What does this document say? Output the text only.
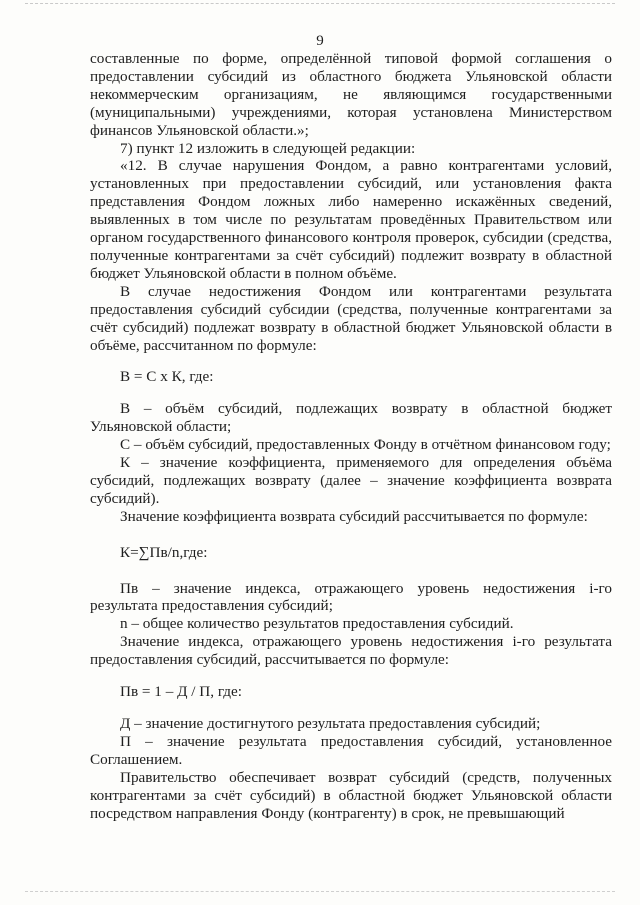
9

составленные по форме, определённой типовой формой соглашения о предоставлении субсидий из областного бюджета Ульяновской области некоммерческим организациям, не являющимся государственными (муниципальными) учреждениями, которая установлена Министерством финансов Ульяновской области.»;

7) пункт 12 изложить в следующей редакции:

«12. В случае нарушения Фондом, а равно контрагентами условий, установленных при предоставлении субсидий, или установления факта представления Фондом ложных либо намеренно искажённых сведений, выявленных в том числе по результатам проведённых Правительством или органом государственного финансового контроля проверок, субсидии (средства, полученные контрагентами за счёт субсидий) подлежит возврату в областной бюджет Ульяновской области в полном объёме.

В случае недостижения Фондом или контрагентами результата предоставления субсидий субсидии (средства, полученные контрагентами за счёт субсидий) подлежат возврату в областной бюджет Ульяновской области в объёме, рассчитанном по формуле:

В = С х К, где:

В – объём субсидий, подлежащих возврату в областной бюджет Ульяновской области;

С – объём субсидий, предоставленных Фонду в отчётном финансовом году;

К – значение коэффициента, применяемого для определения объёма субсидий, подлежащих возврату (далее – значение коэффициента возврата субсидий).

Значение коэффициента возврата субсидий рассчитывается по формуле:

К=∑Пв/n,где:

Пв – значение индекса, отражающего уровень недостижения i-го результата предоставления субсидий;

n – общее количество результатов предоставления субсидий.

Значение индекса, отражающего уровень недостижения i-го результата предоставления субсидий, рассчитывается по формуле:

Пв = 1 – Д / П, где:

Д – значение достигнутого результата предоставления субсидий;

П – значение результата предоставления субсидий, установленное Соглашением.

Правительство обеспечивает возврат субсидий (средств, полученных контрагентами за счёт субсидий) в областной бюджет Ульяновской области посредством направления Фонду (контрагенту) в срок, не превышающий
